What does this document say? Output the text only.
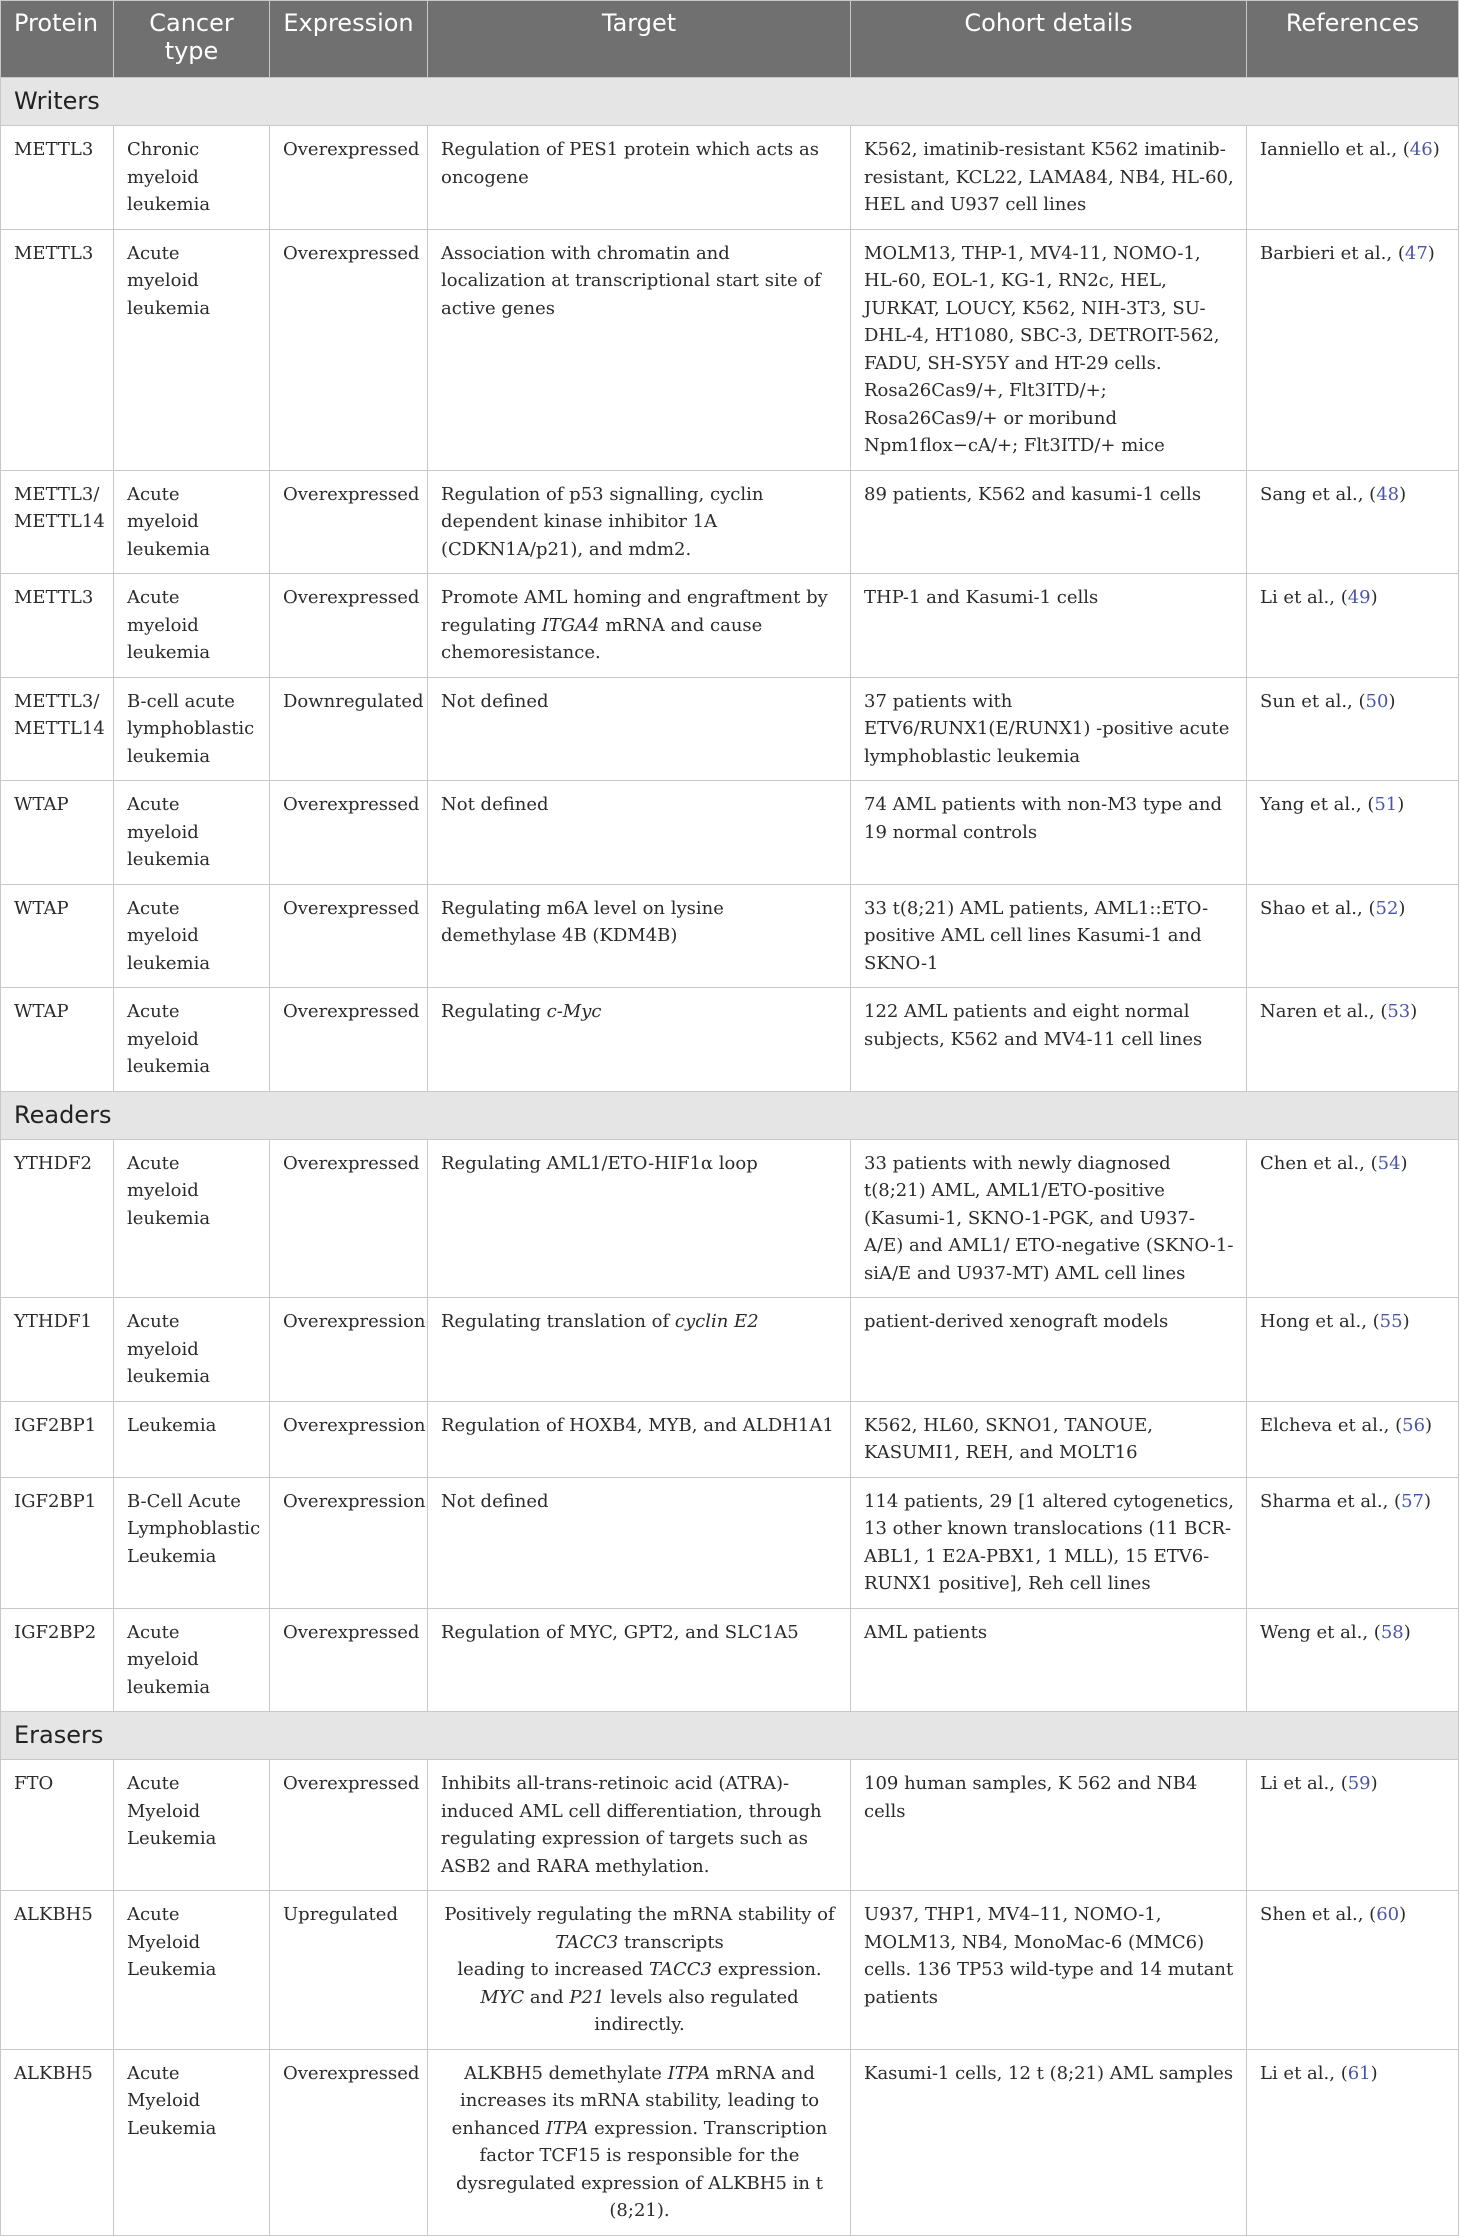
Protein	Cancer type	Expression	Target	Cohort details	References
Writers					
METTL3	Chronic myeloid leukemia	Overexpressed	Regulation of PES1 protein which acts as oncogene	K562, imatinib-resistant K562 imatinib-resistant, KCL22, LAMA84, NB4, HL-60, HEL and U937 cell lines	Ianniello et al., (46)
METTL3	Acute myeloid leukemia	Overexpressed	Association with chromatin and localization at transcriptional start site of active genes	MOLM13, THP-1, MV4-11, NOMO-1, HL-60, EOL-1, KG-1, RN2c, HEL, JURKAT, LOUCY, K562, NIH-3T3, SU-DHL-4, HT1080, SBC-3, DETROIT-562, FADU, SH-SY5Y and HT-29 cells. Rosa26Cas9/+, Flt3ITD/+; Rosa26Cas9/+ or moribund Npm1flox−cA/+; Flt3ITD/+ mice	Barbieri et al., (47)
METTL3/ METTL14	Acute myeloid leukemia	Overexpressed	Regulation of p53 signalling, cyclin dependent kinase inhibitor 1A (CDKN1A/p21), and mdm2.	89 patients, K562 and kasumi-1 cells	Sang et al., (48)
METTL3	Acute myeloid leukemia	Overexpressed	Promote AML homing and engraftment by regulating ITGA4 mRNA and cause chemoresistance.	THP-1 and Kasumi-1 cells	Li et al., (49)
METTL3/ METTL14	B-cell acute lymphoblastic leukemia	Downregulated	Not defined	37 patients with ETV6/RUNX1(E/RUNX1) -positive acute lymphoblastic leukemia	Sun et al., (50)
WTAP	Acute myeloid leukemia	Overexpressed	Not defined	74 AML patients with non-M3 type and 19 normal controls	Yang et al., (51)
WTAP	Acute myeloid leukemia	Overexpressed	Regulating m6A level on lysine demethylase 4B (KDM4B)	33 t(8;21) AML patients, AML1::ETO-positive AML cell lines Kasumi-1 and SKNO-1	Shao et al., (52)
WTAP	Acute myeloid leukemia	Overexpressed	Regulating c-Myc	122 AML patients and eight normal subjects, K562 and MV4-11 cell lines	Naren et al., (53)
Readers					
YTHDF2	Acute myeloid leukemia	Overexpressed	Regulating AML1/ETO-HIF1α loop	33 patients with newly diagnosed t(8;21) AML, AML1/ETO-positive (Kasumi-1, SKNO-1-PGK, and U937-A/E) and AML1/ ETO-negative (SKNO-1-siA/E and U937-MT) AML cell lines	Chen et al., (54)
YTHDF1	Acute myeloid leukemia	Overexpression	Regulating translation of cyclin E2	patient-derived xenograft models	Hong et al., (55)
IGF2BP1	Leukemia	Overexpression	Regulation of HOXB4, MYB, and ALDH1A1	K562, HL60, SKNO1, TANOUE, KASUMI1, REH, and MOLT16	Elcheva et al., (56)
IGF2BP1	B-Cell Acute Lymphoblastic Leukemia	Overexpression	Not defined	114 patients, 29 [1 altered cytogenetics, 13 other known translocations (11 BCR-ABL1, 1 E2A-PBX1, 1 MLL), 15 ETV6-RUNX1 positive], Reh cell lines	Sharma et al., (57)
IGF2BP2	Acute myeloid leukemia	Overexpressed	Regulation of MYC, GPT2, and SLC1A5	AML patients	Weng et al., (58)
Erasers					
FTO	Acute Myeloid Leukemia	Overexpressed	Inhibits all-trans-retinoic acid (ATRA)-induced AML cell differentiation, through regulating expression of targets such as ASB2 and RARA methylation.	109 human samples, K 562 and NB4 cells	Li et al., (59)
ALKBH5	Acute Myeloid Leukemia	Upregulated	Positively regulating the mRNA stability of
TACC3 transcripts
leading to increased TACC3 expression. MYC and P21 levels also regulated indirectly.	U937, THP1, MV4–11, NOMO-1, MOLM13, NB4, MonoMac-6 (MMC6) cells. 136 TP53 wild-type and 14 mutant patients	Shen et al., (60)
ALKBH5	Acute Myeloid Leukemia	Overexpressed	ALKBH5 demethylate ITPA mRNA and increases its mRNA stability, leading to enhanced ITPA expression. Transcription factor TCF15 is responsible for the dysregulated expression of ALKBH5 in t (8;21).	Kasumi-1 cells, 12 t (8;21) AML samples	Li et al., (61)
